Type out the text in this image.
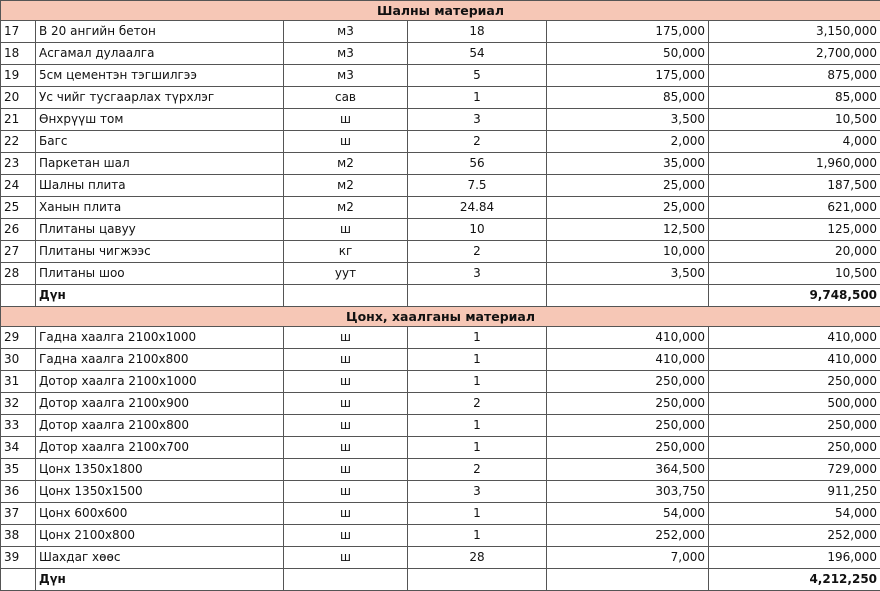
Шалны материал					
17	В 20 ангийн бетон	м3	18	175,000	3,150,000
18	Асгамал дулаалга	м3	54	50,000	2,700,000
19	5см цементэн тэгшилгээ	м3	5	175,000	875,000
20	Ус чийг тусгаарлах түрхлэг	сав	1	85,000	85,000
21	Өнхрүүш том	ш	3	3,500	10,500
22	Багс	ш	2	2,000	4,000
23	Паркетан шал	м2	56	35,000	1,960,000
24	Шалны плита	м2	7.5	25,000	187,500
25	Ханын плита	м2	24.84	25,000	621,000
26	Плитаны цавуу	ш	10	12,500	125,000
27	Плитаны чигжээс	кг	2	10,000	20,000
28	Плитаны шоо	уут	3	3,500	10,500
	Дүн				9,748,500
Цонх, хаалганы материал					
29	Гадна хаалга 2100х1000	ш	1	410,000	410,000
30	Гадна хаалга 2100х800	ш	1	410,000	410,000
31	Дотор хаалга 2100х1000	ш	1	250,000	250,000
32	Дотор хаалга 2100х900	ш	2	250,000	500,000
33	Дотор хаалга 2100х800	ш	1	250,000	250,000
34	Дотор хаалга 2100х700	ш	1	250,000	250,000
35	Цонх 1350х1800	ш	2	364,500	729,000
36	Цонх 1350х1500	ш	3	303,750	911,250
37	Цонх 600х600	ш	1	54,000	54,000
38	Цонх 2100х800	ш	1	252,000	252,000
39	Шахдаг хөөс	ш	28	7,000	196,000
	Дүн				4,212,250
